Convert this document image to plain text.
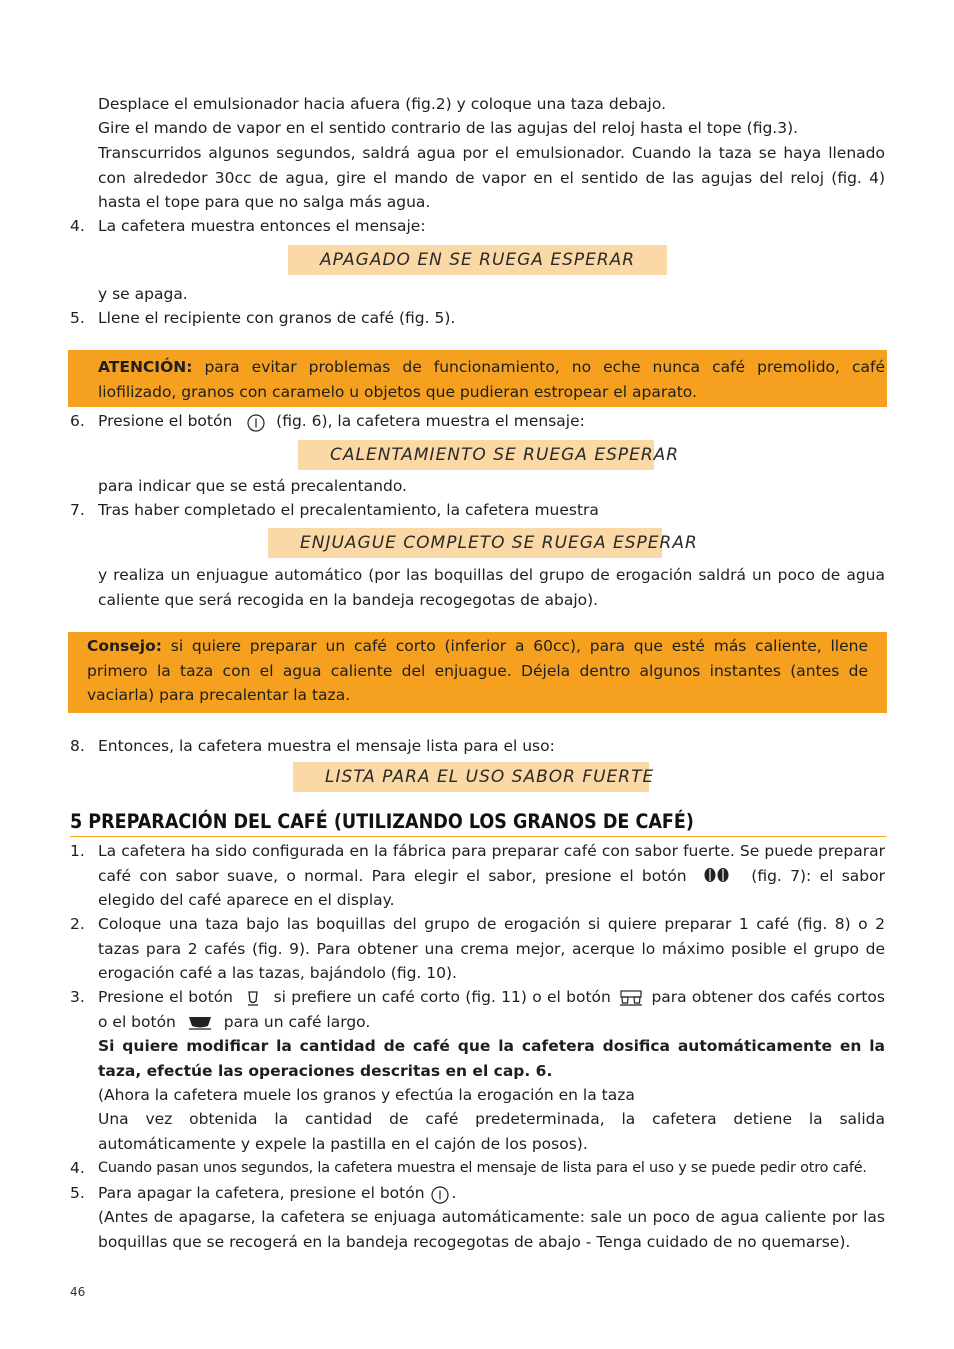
Desplace el emulsionador hacia afuera (fig.2) y coloque una taza debajo.
Gire el mando de vapor en el sentido contrario de las agujas del reloj hasta el tope (fig.3).
Transcurridos algunos segundos, saldrá agua por el emulsionador. Cuando la taza se haya llenado con alrededor 30cc de agua, gire el mando de vapor en el sentido de las agujas del reloj (fig. 4) hasta el tope para que no salga más agua.
4. La cafetera muestra entonces el mensaje:
APAGADO EN SE RUEGA ESPERAR
y se apaga.
5. Llene el recipiente con granos de café (fig. 5).
ATENCIÓN: para evitar problemas de funcionamiento, no eche nunca café premolido, café liofilizado, granos con caramelo u objetos que pudieran estropear el aparato.
6. Presione el botón	(fig. 6), la cafetera muestra el mensaje:
CALENTAMIENTO SE RUEGA ESPERAR
para indicar que se está precalentando.
7. Tras haber completado el precalentamiento, la cafetera muestra
ENJUAGUE COMPLETO SE RUEGA ESPERAR
y realiza un enjuague automático (por las boquillas del grupo de erogación saldrá un poco de agua caliente que será recogida en la bandeja recogegotas de abajo).
Consejo: si quiere preparar un café corto (inferior a 60cc), para que esté más caliente, llene primero la taza con el agua caliente del enjuague. Déjela dentro algunos instantes (antes de vaciarla) para precalentar la taza.
8. Entonces, la cafetera muestra el mensaje lista para el uso:
LISTA PARA EL USO SABOR FUERTE
5 PREPARACIÓN DEL CAFÉ (UTILIZANDO LOS GRANOS DE CAFÉ)
1. La cafetera ha sido configurada en la fábrica para preparar café con sabor fuerte. Se puede preparar café con sabor suave, o normal. Para elegir el sabor, presione el botón	(fig. 7): el sabor elegido del café aparece en el display.
2. Coloque una taza bajo las boquillas del grupo de erogación si quiere preparar 1 café (fig. 8) o 2 tazas para 2 cafés (fig. 9). Para obtener una crema mejor, acerque lo máximo posible el grupo de erogación café a las tazas, bajándolo (fig. 10).
3. Presione el botón	si prefiere un café corto (fig. 11) o el botón	para obtener dos cafés cortos o el botón	para un café largo.
Si quiere modificar la cantidad de café que la cafetera dosifica automáticamente en la taza, efectúe las operaciones descritas en el cap. 6.
(Ahora la cafetera muele los granos y efectúa la erogación en la taza
Una vez obtenida la cantidad de café predeterminada, la cafetera detiene la salida automáticamente y expele la pastilla en el cajón de los posos).
4. Cuando pasan unos segundos, la cafetera muestra el mensaje de lista para el uso y se puede pedir otro café.
5. Para apagar la cafetera, presione el botón .
(Antes de apagarse, la cafetera se enjuaga automáticamente: sale un poco de agua caliente por las boquillas que se recogerá en la bandeja recogegotas de abajo - Tenga cuidado de no quemarse).
46
